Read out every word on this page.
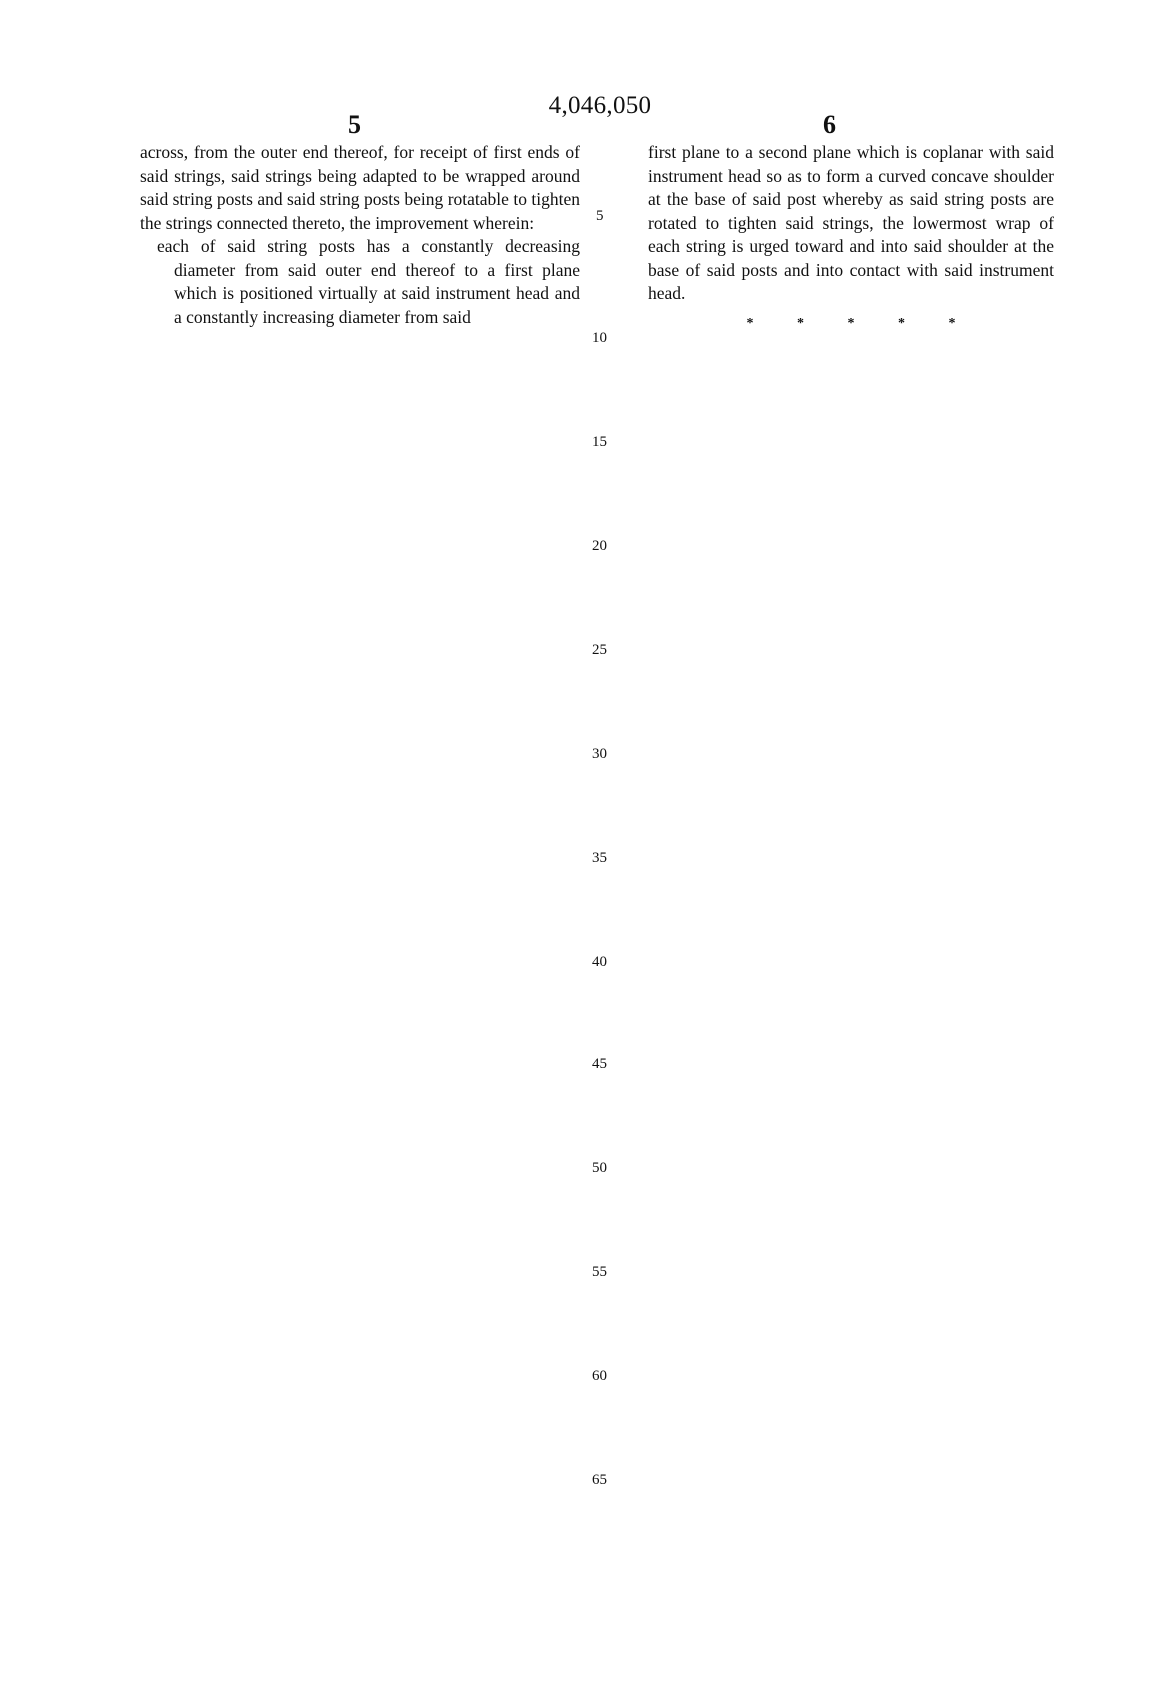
4,046,050
5	6

across, from the outer end thereof, for receipt of first ends of said strings, said strings being adapted to be wrapped around said string posts and said string posts being rotatable to tighten the strings connected thereto, the improvement wherein:

each of said string posts has a constantly decreasing diameter from said outer end thereof to a first plane which is positioned virtually at said instrument head and a constantly increasing diameter from said

first plane to a second plane which is coplanar with said instrument head so as to form a curved concave shoulder at the base of said post whereby as said string posts are rotated to tighten said strings, the lowermost wrap of each string is urged toward and into said shoulder at the base of said posts and into contact with said instrument head.

* * * * *
5
10
15
20
25
30
35
40
45
50
55
60
65
